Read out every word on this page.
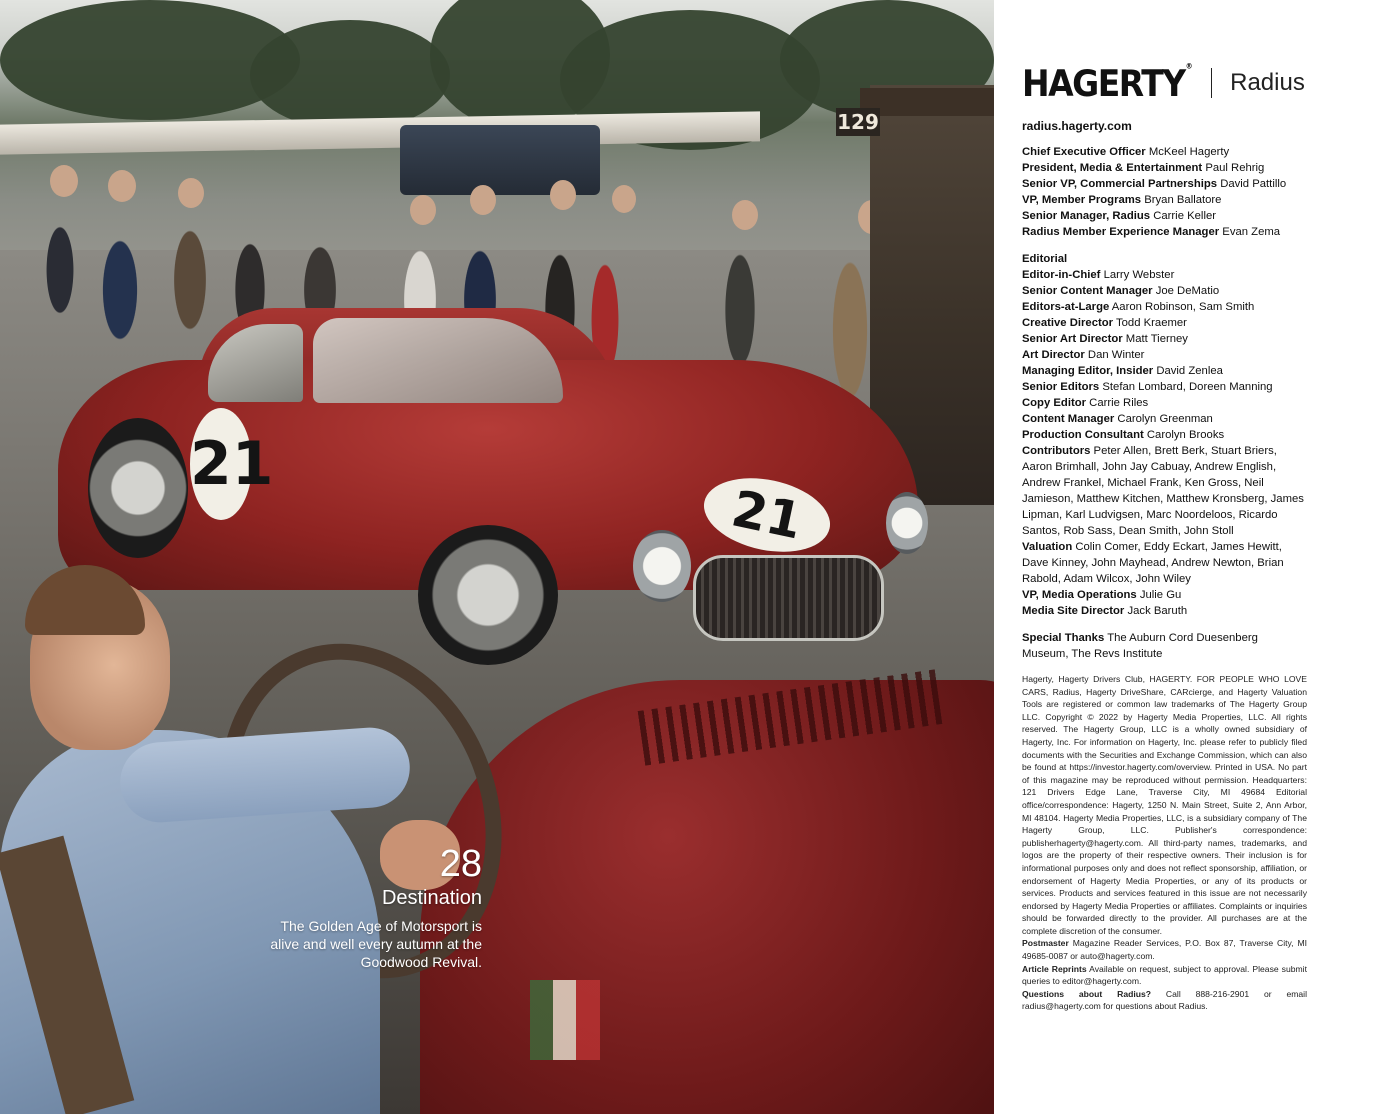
129
21
21
28
Destination
The Golden Age of Motorsport is alive and well every autumn at the Goodwood Revival.
HAGERTY®
Radius
radius.hagerty.com
Chief Executive Officer McKeel Hagerty
President, Media & Entertainment Paul Rehrig
Senior VP, Commercial Partnerships David Pattillo
VP, Member Programs Bryan Ballatore
Senior Manager, Radius Carrie Keller
Radius Member Experience Manager Evan Zema
Editorial
Editor-in-Chief Larry Webster
Senior Content Manager Joe DeMatio
Editors-at-Large Aaron Robinson, Sam Smith
Creative Director Todd Kraemer
Senior Art Director Matt Tierney
Art Director Dan Winter
Managing Editor, Insider David Zenlea
Senior Editors Stefan Lombard, Doreen Manning
Copy Editor Carrie Riles
Content Manager Carolyn Greenman
Production Consultant Carolyn Brooks
Contributors Peter Allen, Brett Berk, Stuart Briers, Aaron Brimhall, John Jay Cabuay, Andrew English, Andrew Frankel, Michael Frank, Ken Gross, Neil Jamieson, Matthew Kitchen, Matthew Kronsberg, James Lipman, Karl Ludvigsen, Marc Noordeloos, Ricardo Santos, Rob Sass, Dean Smith, John Stoll
Valuation Colin Comer, Eddy Eckart, James Hewitt, Dave Kinney, John Mayhead, Andrew Newton, Brian Rabold, Adam Wilcox, John Wiley
VP, Media Operations Julie Gu
Media Site Director Jack Baruth
Special Thanks The Auburn Cord Duesenberg Museum, The Revs Institute

Hagerty, Hagerty Drivers Club, HAGERTY. FOR PEOPLE WHO LOVE CARS, Radius, Hagerty DriveShare, CARcierge, and Hagerty Valuation Tools are registered or common law trademarks of The Hagerty Group LLC. Copyright © 2022 by Hagerty Media Properties, LLC. All rights reserved. The Hagerty Group, LLC is a wholly owned subsidiary of Hagerty, Inc. For information on Hagerty, Inc. please refer to publicly filed documents with the Securities and Exchange Commission, which can also be found at https://investor.hagerty.com/overview. Printed in USA. No part of this magazine may be reproduced without permission. Headquarters: 121 Drivers Edge Lane, Traverse City, MI 49684 Editorial office/correspondence: Hagerty, 1250 N. Main Street, Suite 2, Ann Arbor, MI 48104. Hagerty Media Properties, LLC, is a subsidiary company of The Hagerty Group, LLC. Publisher's correspondence: publisherhagerty@hagerty.com. All third-party names, trademarks, and logos are the property of their respective owners. Their inclusion is for informational purposes only and does not reflect sponsorship, affiliation, or endorsement of Hagerty Media Properties, or any of its products or services. Products and services featured in this issue are not necessarily endorsed by Hagerty Media Properties or affiliates. Complaints or inquiries should be forwarded directly to the provider. All purchases are at the complete discretion of the consumer.

Postmaster Magazine Reader Services, P.O. Box 87, Traverse City, MI 49685-0087 or auto@hagerty.com.

Article Reprints Available on request, subject to approval. Please submit queries to editor@hagerty.com.

Questions about Radius? Call 888-216-2901 or email radius@hagerty.com for questions about Radius.
